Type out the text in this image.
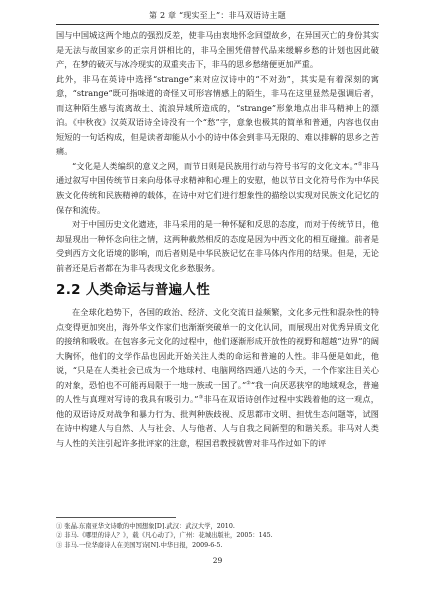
第 2 章 “现实至上”：非马双语诗主题

国与中国城这两个地点的强烈反差，使非马由衷地怀念回望故乡，在异国灭亡的身份其实是无法与故国家乡的正宗月饼相比的，非马全围凭借替代品来缓解乡愁的计划也因此破产，在梦的破灭与冰冷现实的双重夹击下，非马的思乡愁绪便更加严重。

此外，非马在英诗中选择“strange”来对应汉诗中的“不对劲”，其实是有着深刻的寓意，“strange”既可指味道的奇怪又可形容情感上的陌生，非马在这里显然是强调后者，而这种陌生感与流离故土、流浪异域所造成的，“strange”形象地点出非马精神上的漂泊。《中秋夜》汉英双语诗全诗没有一个“愁”字，意象也极其的简单和普通，内容也仅由短短的一句话构成，但是读者却能从小小的诗中体会到非马无限的、难以排解的思乡之苦痛。

“文化是人类编织的意义之网，而节日则是民族用行动与符号书写的文化文本。”①非马通过叙写中国传统节日来向母体寻求精神和心理上的安慰，他以节日文化符号作为中华民族文化传统和民族精神的载体，在诗中对它们进行想象性的描绘以实现对民族文化记忆的保存和流传。

对于中国历史文化遗迹，非马采用的是一种怀疑和反思的态度，而对于传统节日，他却显现出一种怀念向往之情，这两种截然相反的态度是因为中西文化的相互碰撞。前者是受到西方文化语境的影响，而后者则是中华民族记忆在非马体内作用的结果。但是，无论前者还是后者都在为非马表现文化乡愁服务。

2.2 人类命运与普遍人性

在全球化趋势下，各国的政治、经济、文化交流日益频繁，文化多元性和混杂性的特点变得更加突出，海外华文作家们也渐渐突破单一的文化认同，而展现出对优秀异质文化的接纳和吸收。在包容多元文化的过程中，他们逐渐形成开放性的视野和超越“边界”的阔大胸怀，他们的文学作品也因此开始关注人类的命运和普遍的人性。非马便是如此，他说，“只是在人类社会已成为一个地球村、电脑网络四通八达的今天，一个作家注目关心的对象，恐怕也不可能再局限于一地一族或一国了。”②“我一向厌恶狭窄的地域观念，普遍的人性与真理对写诗的我具有吸引力。”③非马在双语诗创作过程中实践着他的这一观点，他的双语诗反对战争和暴力行为、批判种族歧视、反思都市文明、担忧生态问题等，试图在诗中构建人与自然、人与社会、人与他者、人与自我之间新型的和谐关系。非马对人类与人性的关注引起许多批评家的注意，程国君教授就曾对非马作过如下的评

① 张晶.东南亚华文诗歌的中国想象[D].武汉：武汉大学，2010.

② 非马.《哪里的诗人？》，载《凡心动了》，广州：花城出版社，2005：145.

③ 非马.一位华裔诗人在美国写诗[N].中华日报，2009-6-5.

29
